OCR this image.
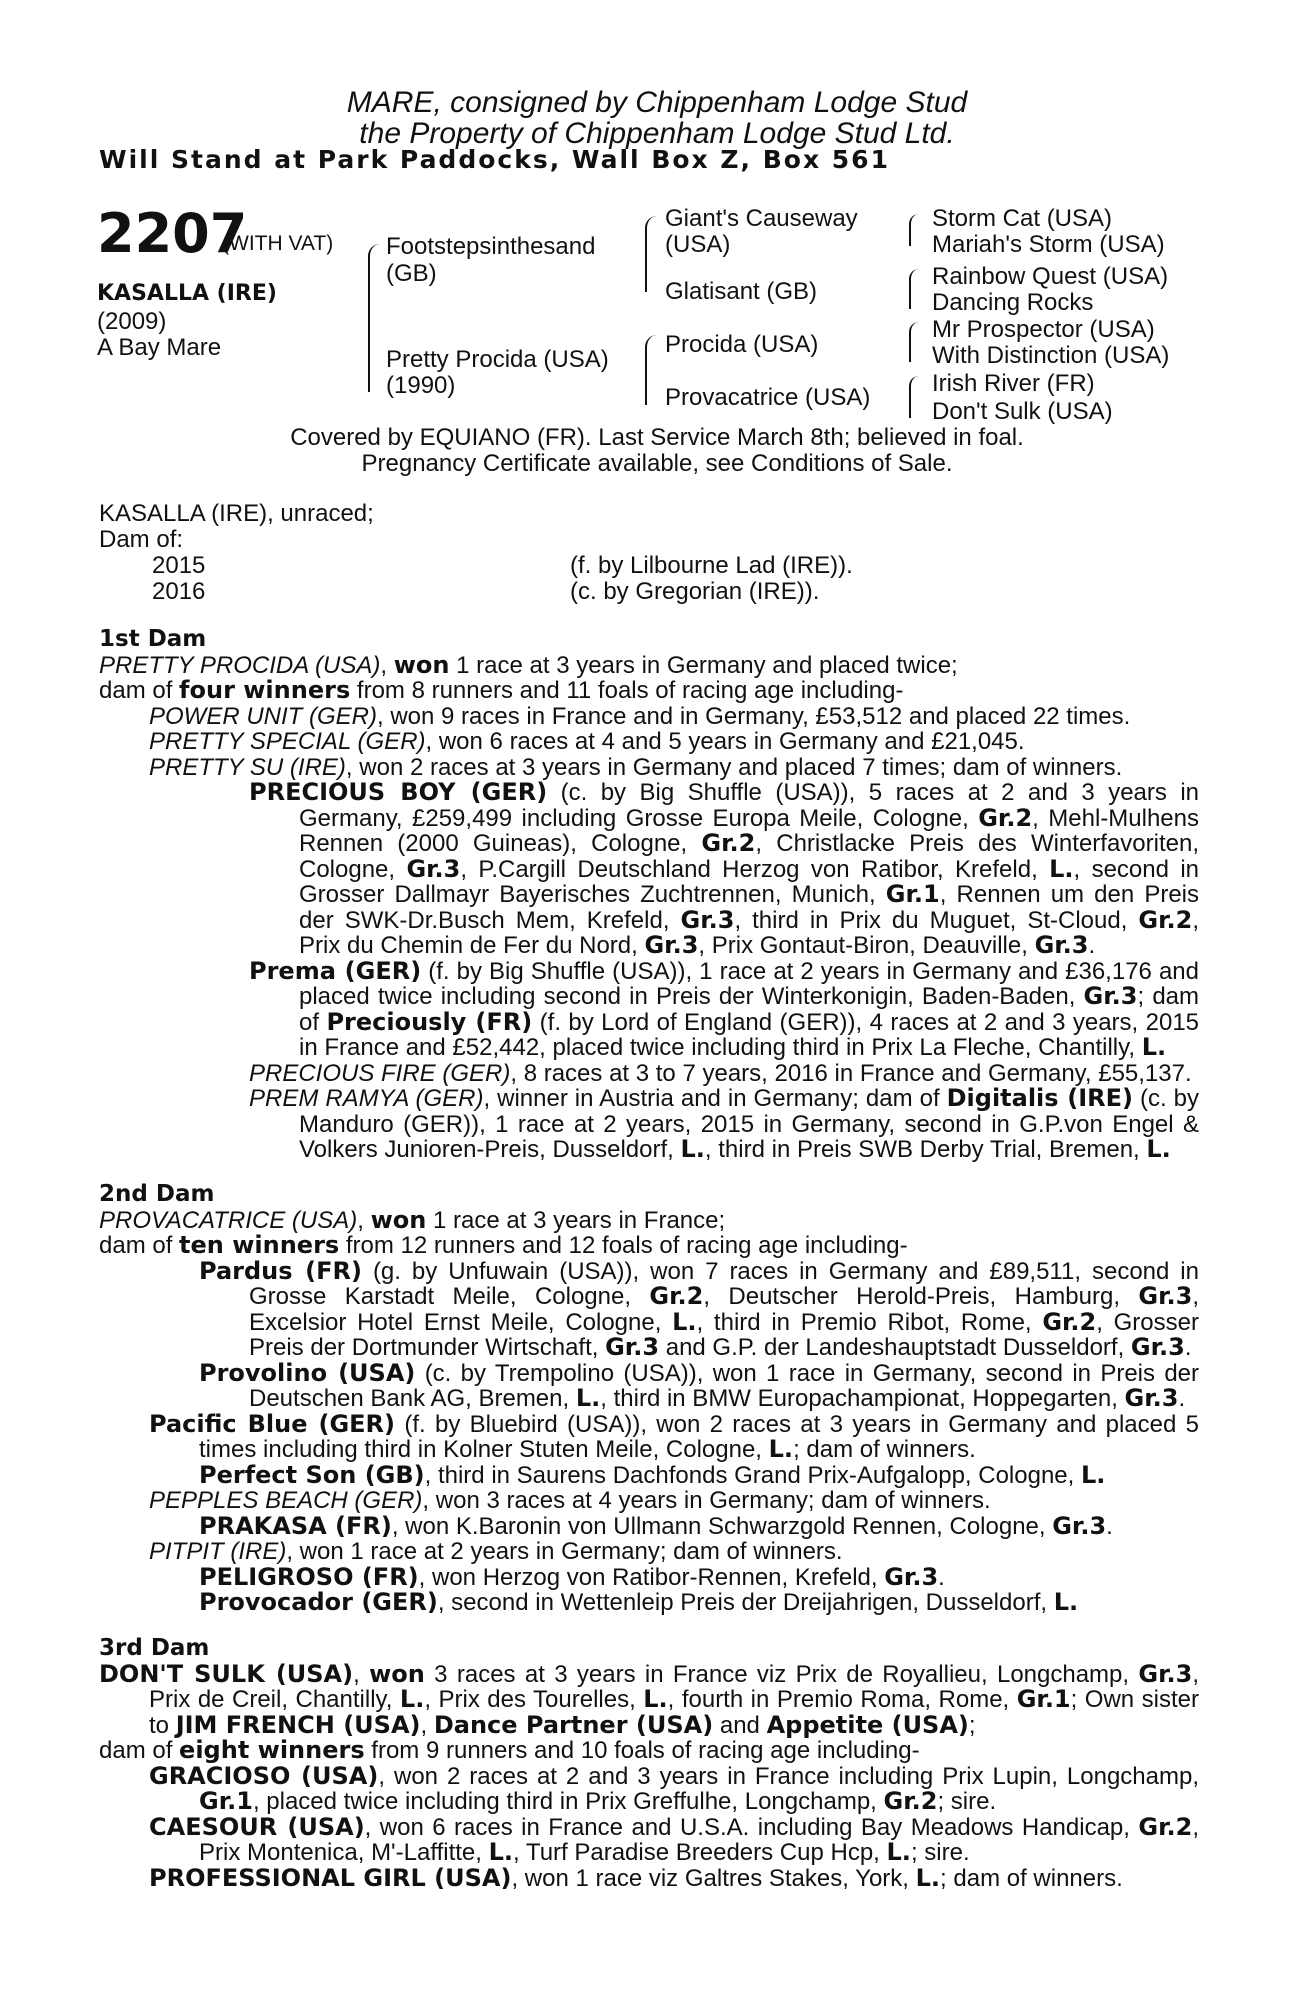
MARE, consigned by Chippenham Lodge Stud
the Property of Chippenham Lodge Stud Ltd.
Will Stand at Park Paddocks, Wall Box Z, Box 561
2207
(WITH VAT)
KASALLA (IRE)
(2009)
A Bay Mare
Footstepsinthesand
(GB)
Pretty Procida (USA)
(1990)
Giant's Causeway
(USA)
Glatisant (GB)
Procida (USA)
Provacatrice (USA)
Storm Cat (USA)
Mariah's Storm (USA)
Rainbow Quest (USA)
Dancing Rocks
Mr Prospector (USA)
With Distinction (USA)
Irish River (FR)
Don't Sulk (USA)
Covered by EQUIANO (FR). Last Service March 8th; believed in foal.
Pregnancy Certificate available, see Conditions of Sale.
KASALLA (IRE), unraced;
Dam of:
2015	(f. by Lilbourne Lad (IRE)).
2016	(c. by Gregorian (IRE)).

1st Dam

PRETTY PROCIDA (USA), won 1 race at 3 years in Germany and placed twice;

dam of four winners from 8 runners and 11 foals of racing age including-

POWER UNIT (GER), won 9 races in France and in Germany, £53,512 and placed 22 times.

PRETTY SPECIAL (GER), won 6 races at 4 and 5 years in Germany and £21,045.

PRETTY SU (IRE), won 2 races at 3 years in Germany and placed 7 times; dam of winners.

PRECIOUS BOY (GER) (c. by Big Shuffle (USA)), 5 races at 2 and 3 years in Germany, £259,499 including Grosse Europa Meile, Cologne, Gr.2, Mehl-Mulhens Rennen (2000 Guineas), Cologne, Gr.2, Christlacke Preis des Winterfavoriten, Cologne, Gr.3, P.Cargill Deutschland Herzog von Ratibor, Krefeld, L., second in Grosser Dallmayr Bayerisches Zuchtrennen, Munich, Gr.1, Rennen um den Preis der SWK-Dr.Busch Mem, Krefeld, Gr.3, third in Prix du Muguet, St-Cloud, Gr.2, Prix du Chemin de Fer du Nord, Gr.3, Prix Gontaut-Biron, Deauville, Gr.3.

Prema (GER) (f. by Big Shuffle (USA)), 1 race at 2 years in Germany and £36,176 and placed twice including second in Preis der Winterkonigin, Baden-Baden, Gr.3; dam of Preciously (FR) (f. by Lord of England (GER)), 4 races at 2 and 3 years, 2015 in France and £52,442, placed twice including third in Prix La Fleche, Chantilly, L.

PRECIOUS FIRE (GER), 8 races at 3 to 7 years, 2016 in France and Germany, £55,137.

PREM RAMYA (GER), winner in Austria and in Germany; dam of Digitalis (IRE) (c. by Manduro (GER)), 1 race at 2 years, 2015 in Germany, second in G.P.von Engel & Volkers Junioren-Preis, Dusseldorf, L., third in Preis SWB Derby Trial, Bremen, L.

2nd Dam

PROVACATRICE (USA), won 1 race at 3 years in France;

dam of ten winners from 12 runners and 12 foals of racing age including-

Pardus (FR) (g. by Unfuwain (USA)), won 7 races in Germany and £89,511, second in Grosse Karstadt Meile, Cologne, Gr.2, Deutscher Herold-Preis, Hamburg, Gr.3, Excelsior Hotel Ernst Meile, Cologne, L., third in Premio Ribot, Rome, Gr.2, Grosser Preis der Dortmunder Wirtschaft, Gr.3 and G.P. der Landeshauptstadt Dusseldorf, Gr.3.

Provolino (USA) (c. by Trempolino (USA)), won 1 race in Germany, second in Preis der Deutschen Bank AG, Bremen, L., third in BMW Europachampionat, Hoppegarten, Gr.3.

Pacific Blue (GER) (f. by Bluebird (USA)), won 2 races at 3 years in Germany and placed 5 times including third in Kolner Stuten Meile, Cologne, L.; dam of winners.

Perfect Son (GB), third in Saurens Dachfonds Grand Prix-Aufgalopp, Cologne, L.

PEPPLES BEACH (GER), won 3 races at 4 years in Germany; dam of winners.

PRAKASA (FR), won K.Baronin von Ullmann Schwarzgold Rennen, Cologne, Gr.3.

PITPIT (IRE), won 1 race at 2 years in Germany; dam of winners.

PELIGROSO (FR), won Herzog von Ratibor-Rennen, Krefeld, Gr.3.

Provocador (GER), second in Wettenleip Preis der Dreijahrigen, Dusseldorf, L.

3rd Dam

DON'T SULK (USA), won 3 races at 3 years in France viz Prix de Royallieu, Longchamp, Gr.3, Prix de Creil, Chantilly, L., Prix des Tourelles, L., fourth in Premio Roma, Rome, Gr.1; Own sister to JIM FRENCH (USA), Dance Partner (USA) and Appetite (USA);

dam of eight winners from 9 runners and 10 foals of racing age including-

GRACIOSO (USA), won 2 races at 2 and 3 years in France including Prix Lupin, Longchamp, Gr.1, placed twice including third in Prix Greffulhe, Longchamp, Gr.2; sire.

CAESOUR (USA), won 6 races in France and U.S.A. including Bay Meadows Handicap, Gr.2, Prix Montenica, M'-Laffitte, L., Turf Paradise Breeders Cup Hcp, L.; sire.

PROFESSIONAL GIRL (USA), won 1 race viz Galtres Stakes, York, L.; dam of winners.
